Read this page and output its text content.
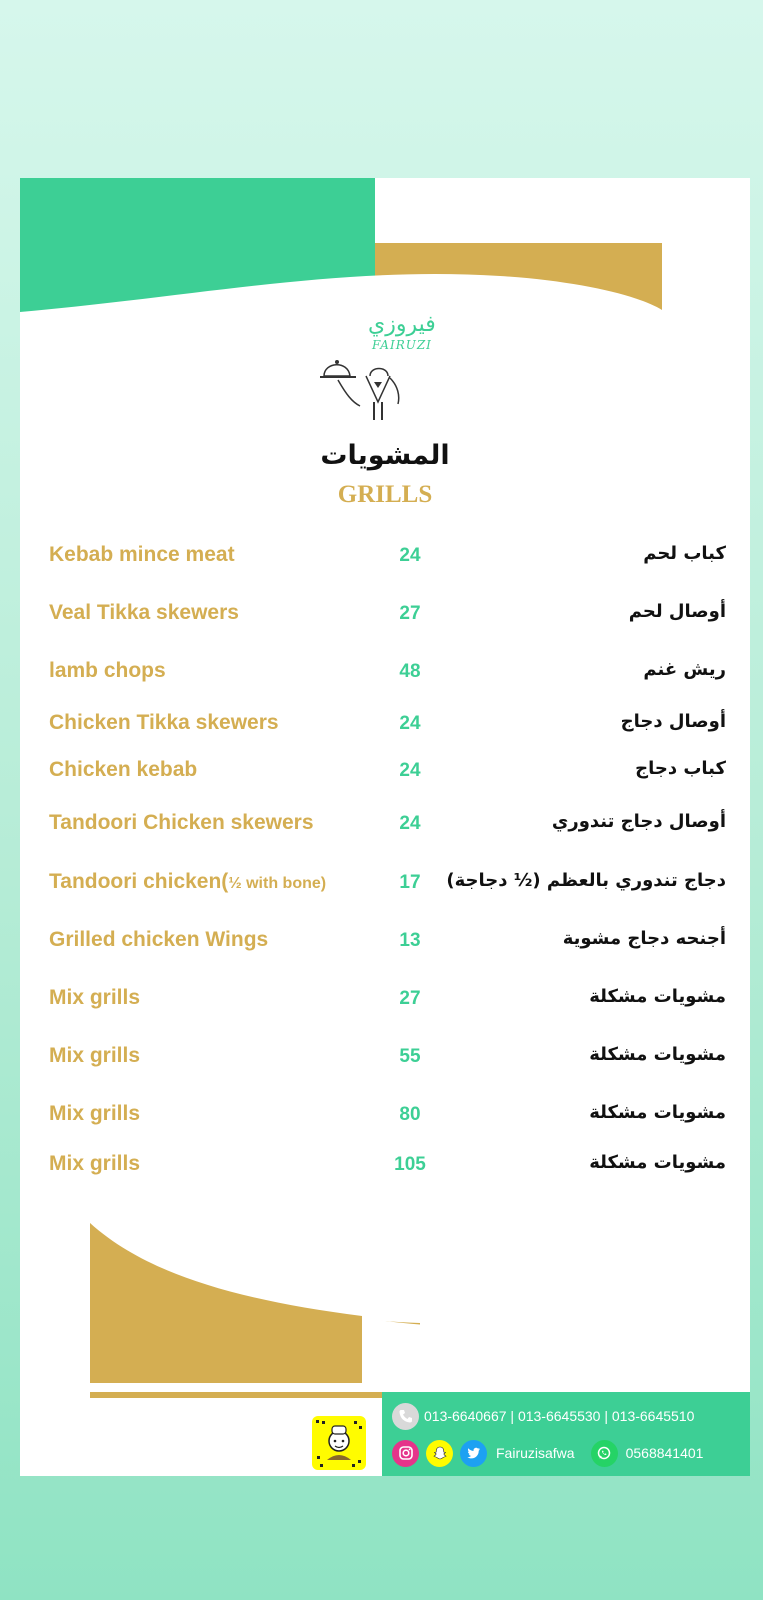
فيروزي
FAIRUZI
المشويات
GRILLS
Kebab mince meat	24	كباب لحم
Veal Tikka skewers	27	أوصال لحم
lamb chops	48	ريش غنم
Chicken Tikka skewers	24	أوصال دجاج
Chicken kebab	24	كباب دجاج
Tandoori Chicken skewers	24	أوصال دجاج تندوري
Tandoori chicken(½ with bone)	17	دجاج تندوري بالعظم (½ دجاجة)
Grilled chicken Wings	13	أجنحه دجاج مشوية
Mix grills	27	مشويات مشكلة
Mix grills	55	مشويات مشكلة
Mix grills	80	مشويات مشكلة
Mix grills	105	مشويات مشكلة
013-6640667 | 013-6645530 | 013-6645510
Fairuzisafwa	0568841401
